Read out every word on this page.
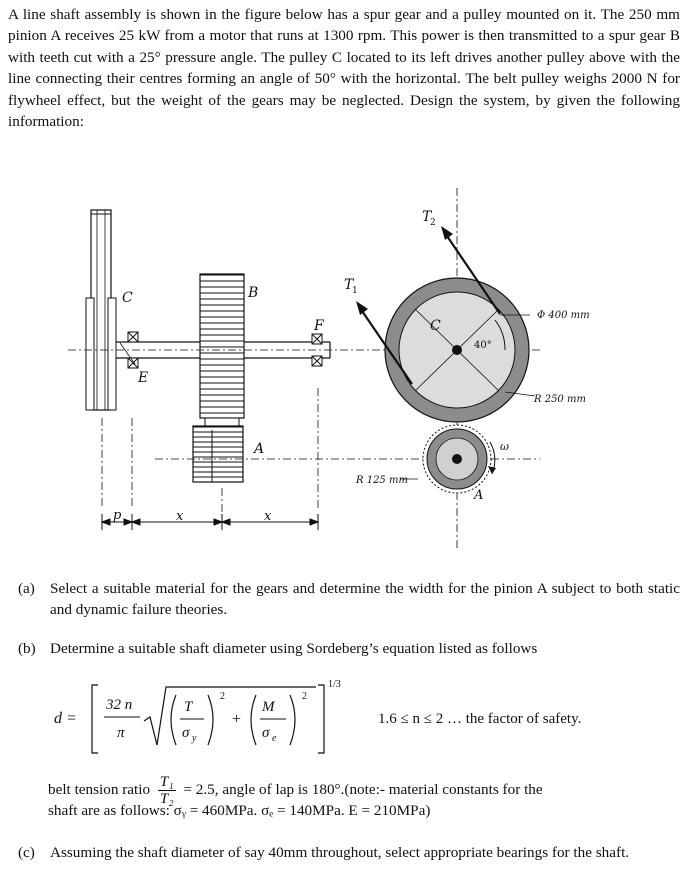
A line shaft assembly is shown in the figure below has a spur gear and a pulley mounted on it. The 250 mm pinion A receives 25 kW from a motor that runs at 1300 rpm. This power is then transmitted to a spur gear B with teeth cut with a 25° pressure angle. The pulley C located to its left drives another pulley above with the line connecting their centres forming an angle of 50° with the horizontal. The belt pulley weighs 2000 N for flywheel effect, but the weight of the gears may be neglected. Design the system, by given the following information:

C	B
E
F
A
p	x	x
T
1
T
2
C
40°
Φ 400 mm
R 250 mm
R 125 mm
A
ω
(a) Select a suitable material for the gears and determine the width for the pinion A subject to both static and dynamic failure theories.
(b) Determine a suitable shaft diameter using Sordeberg’s equation listed as follows
d =
32 n
π
T
σ y
2
+
M
σ e
2
1/3
1.6 ≤ n ≤ 2 … the factor of safety.
belt tension ratio $\frac{\text{T₁}}{\text{T₂}} = 2.5$, angle of lap is 180°.(note:- material constants for the
shaft are as follows: σᵧ = 460MPa. σₑ = 140MPa. E = 210MPa)
(c) Assuming the shaft diameter of say 40mm throughout, select appropriate bearings for the shaft.
